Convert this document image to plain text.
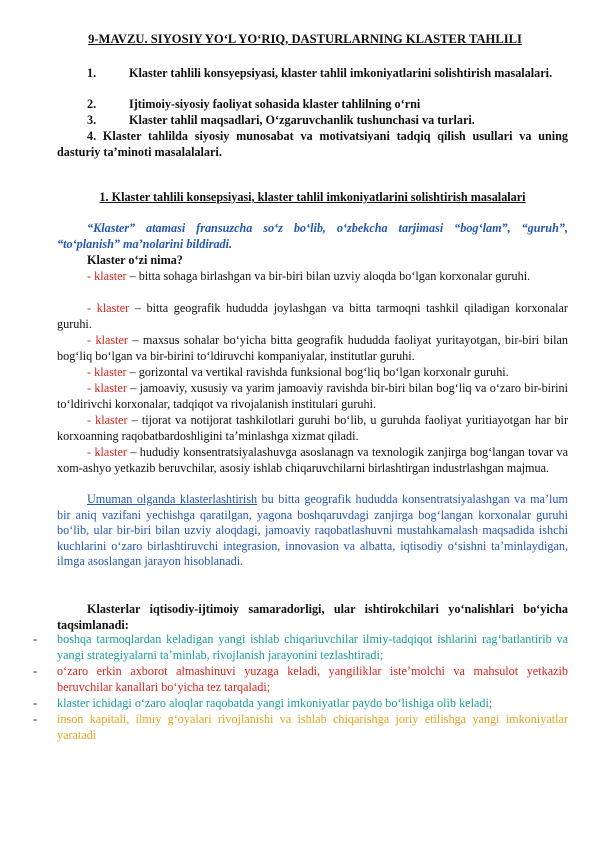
9-MAVZU. SIYOSIY YO‘L YO‘RIQ, DASTURLARNING KLASTER TAHLILI
1.	Klaster tahlili konsyepsiyasi, klaster tahlil imkoniyatlarini solishtirish masalalari.
2.	Ijtimoiy-siyosiy faoliyat sohasida klaster tahlilning o‘rni
3.	Klaster tahlil maqsadlari, O‘zgaruvchanlik tushunchasi va turlari.
4. Klaster tahlilda siyosiy munosabat va motivatsiyani tadqiq qilish usullari va uning dasturiy ta’minoti masalalalari.
1. Klaster tahlili konsepsiyasi, klaster tahlil imkoniyatlarini solishtirish masalalari
“Klaster” atamasi fransuzcha so‘z bo‘lib, o‘zbekcha tarjimasi “bog‘lam”, “guruh”, “to‘planish” ma’nolarini bildiradi.
Klaster o‘zi nima?
- klaster – bitta sohaga birlashgan va bir-biri bilan uzviy aloqda bo‘lgan korxonalar guruhi.
- klaster – bitta geografik hududda joylashgan va bitta tarmoqni tashkil qiladigan korxonalar guruhi.
- klaster – maxsus sohalar bo‘yicha bitta geografik hududda faoliyat yuritayotgan, bir-biri bilan bog‘liq bo‘lgan va bir-birini to‘ldiruvchi kompaniyalar, institutlar guruhi.
- klaster – gorizontal va vertikal ravishda funksional bog‘liq bo‘lgan korxonalr guruhi.
- klaster – jamoaviy, xususiy va yarim jamoaviy ravishda bir-biri bilan bog‘liq va o‘zaro bir-birini to‘ldirivchi korxonalar, tadqiqot va rivojalanish institulari guruhi.
- klaster – tijorat va notijorat tashkilotlari guruhi bo‘lib, u guruhda faoliyat yuritiayotgan har bir korxoanning raqobatbardoshligini ta’minlashga xizmat qiladi.
- klaster – hududiy konsentratsiyalashuvga asoslanagn va texnologik zanjirga bog‘langan tovar va xom-ashyo yetkazib beruvchilar, asosiy ishlab chiqaruvchilarni birlashtirgan industrlashgan majmua.
Umuman olganda klasterlashtirish bu bitta geografik hududda konsentratsiyalashgan va ma’lum bir aniq vazifani yechishga qaratilgan, yagona boshqaruvdagi zanjirga bog‘langan korxonalar guruhi bo‘lib, ular bir-biri bilan uzviy aloqdagi, jamoaviy raqobatlashuvni mustahkamalash maqsadida ishchi kuchlarini o‘zaro birlashtiruvchi integrasion, innovasion va albatta, iqtisodiy o‘sishni ta’minlaydigan, ilmga asoslangan jarayon hisoblanadi.
Klasterlar iqtisodiy-ijtimoiy samaradorligi, ular ishtirokchilari yo‘nalishlari bo‘yicha taqsimlanadi:
- boshqa tarmoqlardan keladigan yangi ishlab chiqariuvchilar ilmiy-tadqiqot ishlarini rag‘batlantirib va yangi strategiyalarni ta’minlab, rivojlanish jarayonini tezlashtiradi;
- o‘zaro erkin axborot almashinuvi yuzaga keladi, yangiliklar iste’molchi va mahsulot yetkazib beruvchilar kanallari bo‘yicha tez tarqaladi;
- klaster ichidagi o‘zaro aloqlar raqobatda yangi imkoniyatlar paydo bo‘lishiga olib keladi;
- inson kapitali, ilmiy g‘oyalari rivojlanishi va ishlab chiqarishga joriy etilishga yangi imkoniyatlar yaratadi
